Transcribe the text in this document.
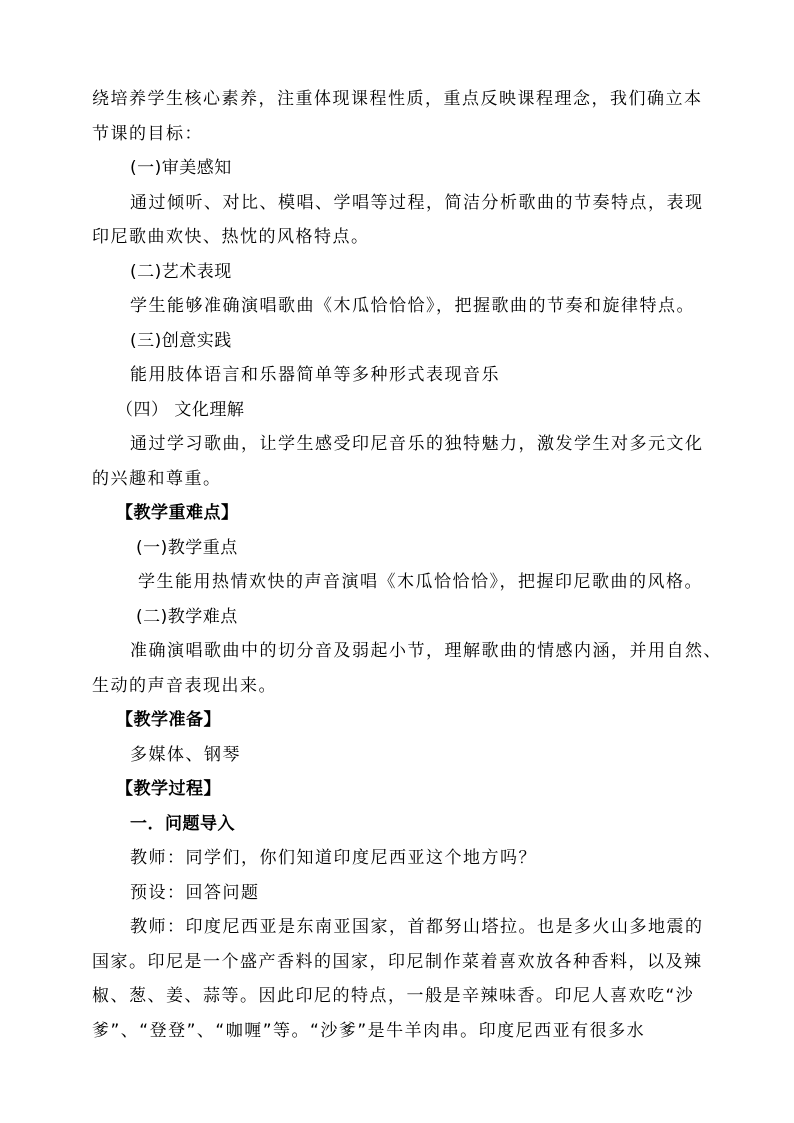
绕培养学生核心素养，注重体现课程性质，重点反映课程理念，我们确立本
节课的目标：
(一)审美感知
通过倾听、对比、模唱、学唱等过程，简洁分析歌曲的节奏特点，表现
印尼歌曲欢快、热忱的风格特点。
(二)艺术表现
学生能够准确演唱歌曲《木瓜恰恰恰》，把握歌曲的节奏和旋律特点。
(三)创意实践
能用肢体语言和乐器简单等多种形式表现音乐
（四） 文化理解
通过学习歌曲，让学生感受印尼音乐的独特魅力，激发学生对多元文化
的兴趣和尊重。
【教学重难点】
(一)教学重点
学生能用热情欢快的声音演唱《木瓜恰恰恰》，把握印尼歌曲的风格。
(二)教学难点
准确演唱歌曲中的切分音及弱起小节，理解歌曲的情感内涵，并用自然、
生动的声音表现出来。
【教学准备】
多媒体、钢琴
【教学过程】
一．问题导入
教师：同学们，你们知道印度尼西亚这个地方吗？
预设：回答问题
教师：印度尼西亚是东南亚国家，首都努山塔拉。也是多火山多地震的
国家。印尼是一个盛产香料的国家，印尼制作菜着喜欢放各种香料，以及辣
椒、葱、姜、蒜等。因此印尼的特点，一般是辛辣味香。印尼人喜欢吃“沙
爹”、“登登”、“咖喱”等。“沙爹”是牛羊肉串。印度尼西亚有很多水
